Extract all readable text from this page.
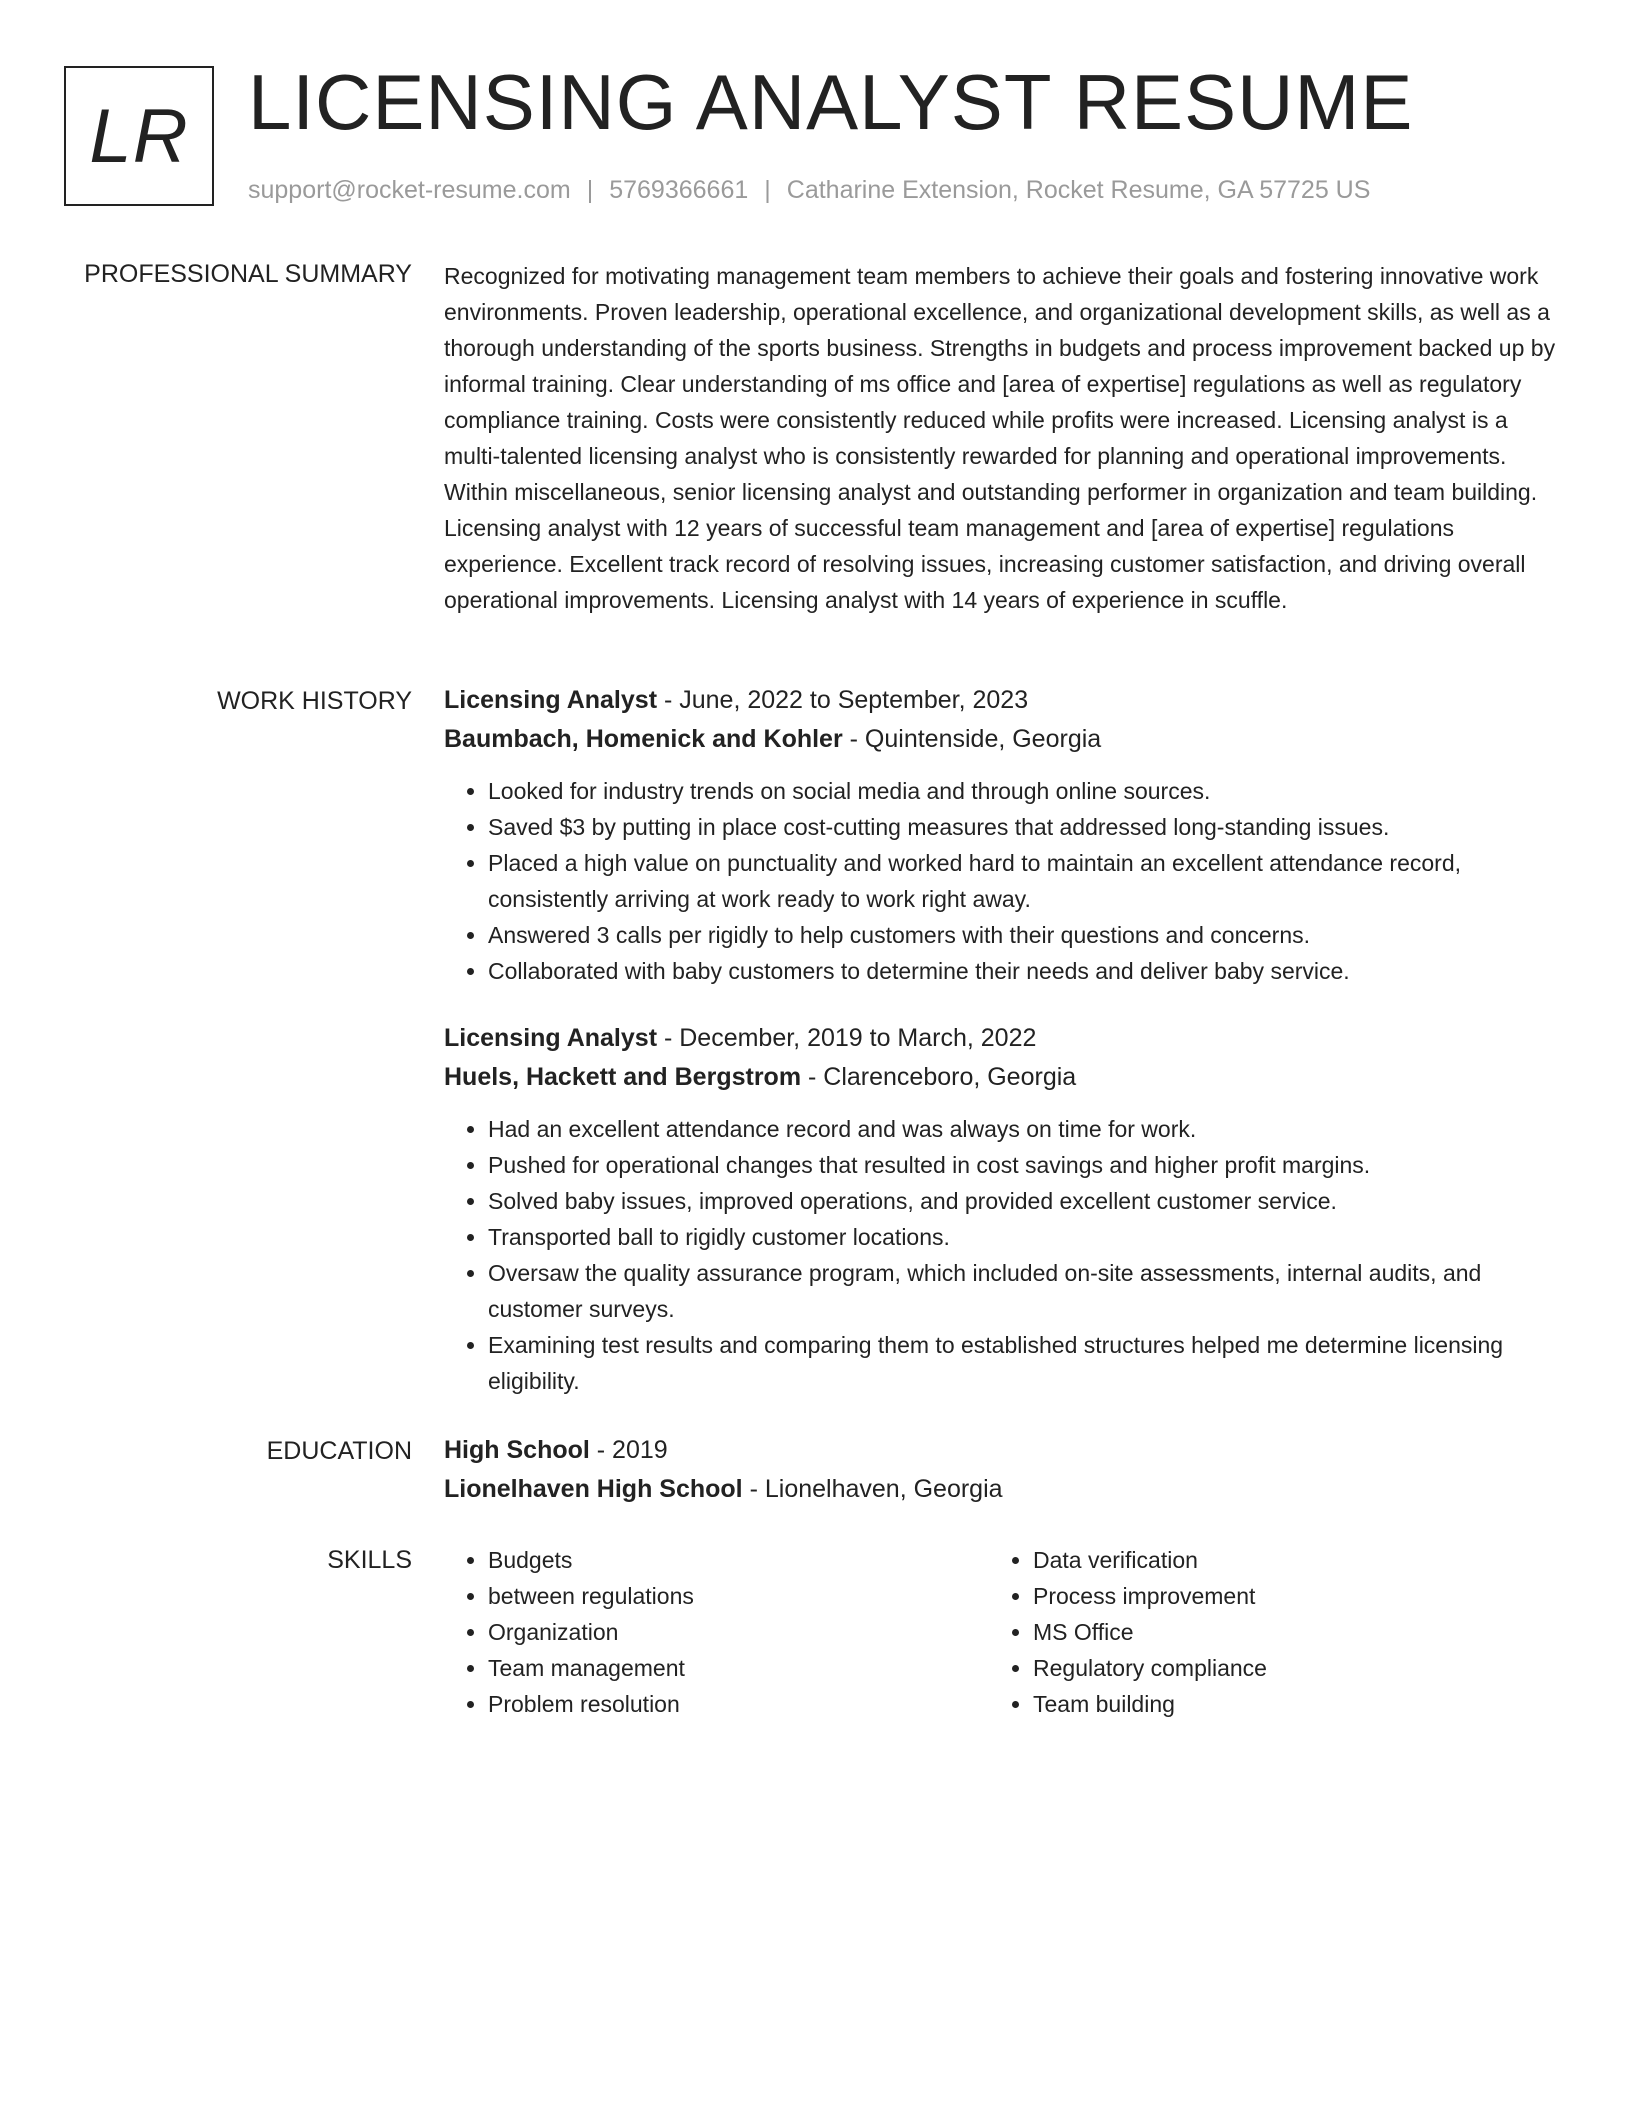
LR LICENSING ANALYST RESUME
support@rocket-resume.com | 5769366661 | Catharine Extension, Rocket Resume, GA 57725 US
PROFESSIONAL SUMMARY Recognized for motivating management team members to achieve their goals and fostering innovative work environments. Proven leadership, operational excellence, and organizational development skills, as well as a thorough understanding of the sports business. Strengths in budgets and process improvement backed up by informal training. Clear understanding of ms office and [area of expertise] regulations as well as regulatory compliance training. Costs were consistently reduced while profits were increased. Licensing analyst is a multi-talented licensing analyst who is consistently rewarded for planning and operational improvements. Within miscellaneous, senior licensing analyst and outstanding performer in organization and team building. Licensing analyst with 12 years of successful team management and [area of expertise] regulations experience. Excellent track record of resolving issues, increasing customer satisfaction, and driving overall operational improvements. Licensing analyst with 14 years of experience in scuffle.

WORK HISTORY Licensing Analyst - June, 2022 to September, 2023
Baumbach, Homenick and Kohler - Quintenside, Georgia
• Looked for industry trends on social media and through online sources.
• Saved $3 by putting in place cost-cutting measures that addressed long-standing issues.
• Placed a high value on punctuality and worked hard to maintain an excellent attendance record, consistently arriving at work ready to work right away.
• Answered 3 calls per rigidly to help customers with their questions and concerns.
• Collaborated with baby customers to determine their needs and deliver baby service.
Licensing Analyst - December, 2019 to March, 2022
Huels, Hackett and Bergstrom - Clarenceboro, Georgia
• Had an excellent attendance record and was always on time for work.
• Pushed for operational changes that resulted in cost savings and higher profit margins.
• Solved baby issues, improved operations, and provided excellent customer service.
• Transported ball to rigidly customer locations.
• Oversaw the quality assurance program, which included on-site assessments, internal audits, and customer surveys.
• Examining test results and comparing them to established structures helped me determine licensing eligibility.
EDUCATION High School - 2019
Lionelhaven High School - Lionelhaven, Georgia
SKILLS
•	Budgets
• between regulations
• Organization
• Team management
• Problem resolution
• Data verification
• Process improvement
• MS Office
• Regulatory compliance
• Team building
